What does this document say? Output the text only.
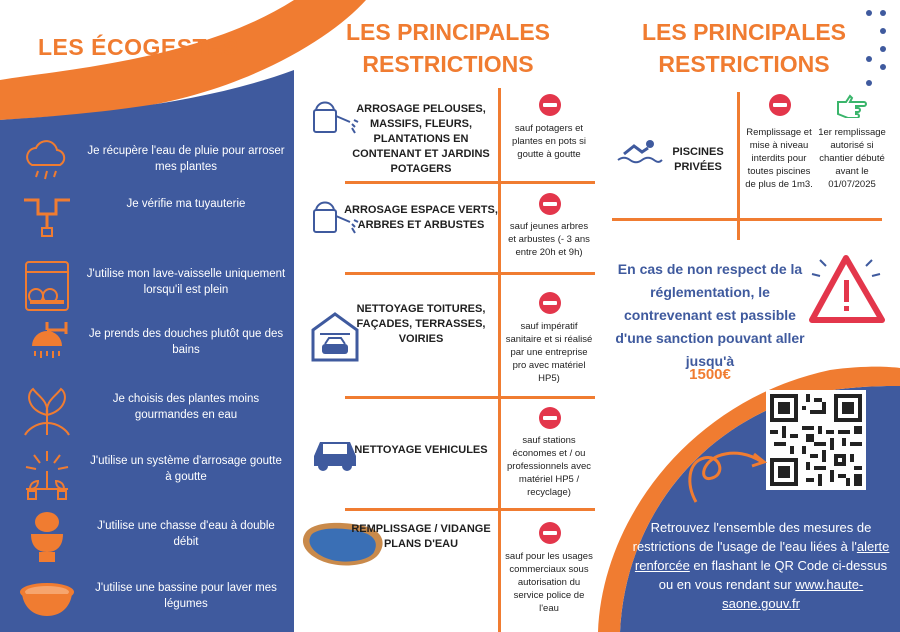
LES ÉCOGESTES
Je récupère l'eau de pluie pour arroser mes plantes
Je vérifie ma tuyauterie
J'utilise mon lave-vaisselle uniquement lorsqu'il est plein
Je prends des douches plutôt que des bains
Je choisis des plantes moins gourmandes en eau
J'utilise un système d'arrosage goutte à goutte
J'utilise une chasse d'eau à double débit
J'utilise une bassine pour laver mes légumes
LES PRINCIPALES
RESTRICTIONS
ARROSAGE PELOUSES, MASSIFS, FLEURS, PLANTATIONS EN CONTENANT ET JARDINS POTAGERS
ARROSAGE ESPACE VERTS, ARBRES ET ARBUSTES
NETTOYAGE TOITURES, FAÇADES, TERRASSES, VOIRIES
NETTOYAGE VEHICULES
REMPLISSAGE / VIDANGE PLANS D'EAU
sauf potagers et plantes en pots si goutte à goutte
sauf jeunes arbres et arbustes (- 3 ans entre 20h et 9h)
sauf impératif sanitaire et si réalisé par une entreprise pro avec matériel HP5)
sauf stations économes et / ou professionnels avec matériel HP5 / recyclage)
sauf pour les usages commerciaux sous autorisation du service police de l'eau
LES PRINCIPALES
RESTRICTIONS
PISCINES PRIVÉES
Remplissage et mise à niveau interdits pour toutes piscines de plus de 1m3.
1er remplissage autorisé si chantier débuté avant le 01/07/2025
En cas de non respect de la réglementation, le contrevenant est passible d'une sanction pouvant aller jusqu'à
1500€
Retrouvez l'ensemble des mesures de restrictions de l'usage de l'eau liées à l'alerte renforcée en flashant le QR Code ci-dessus ou en vous rendant sur www.haute-saone.gouv.fr
